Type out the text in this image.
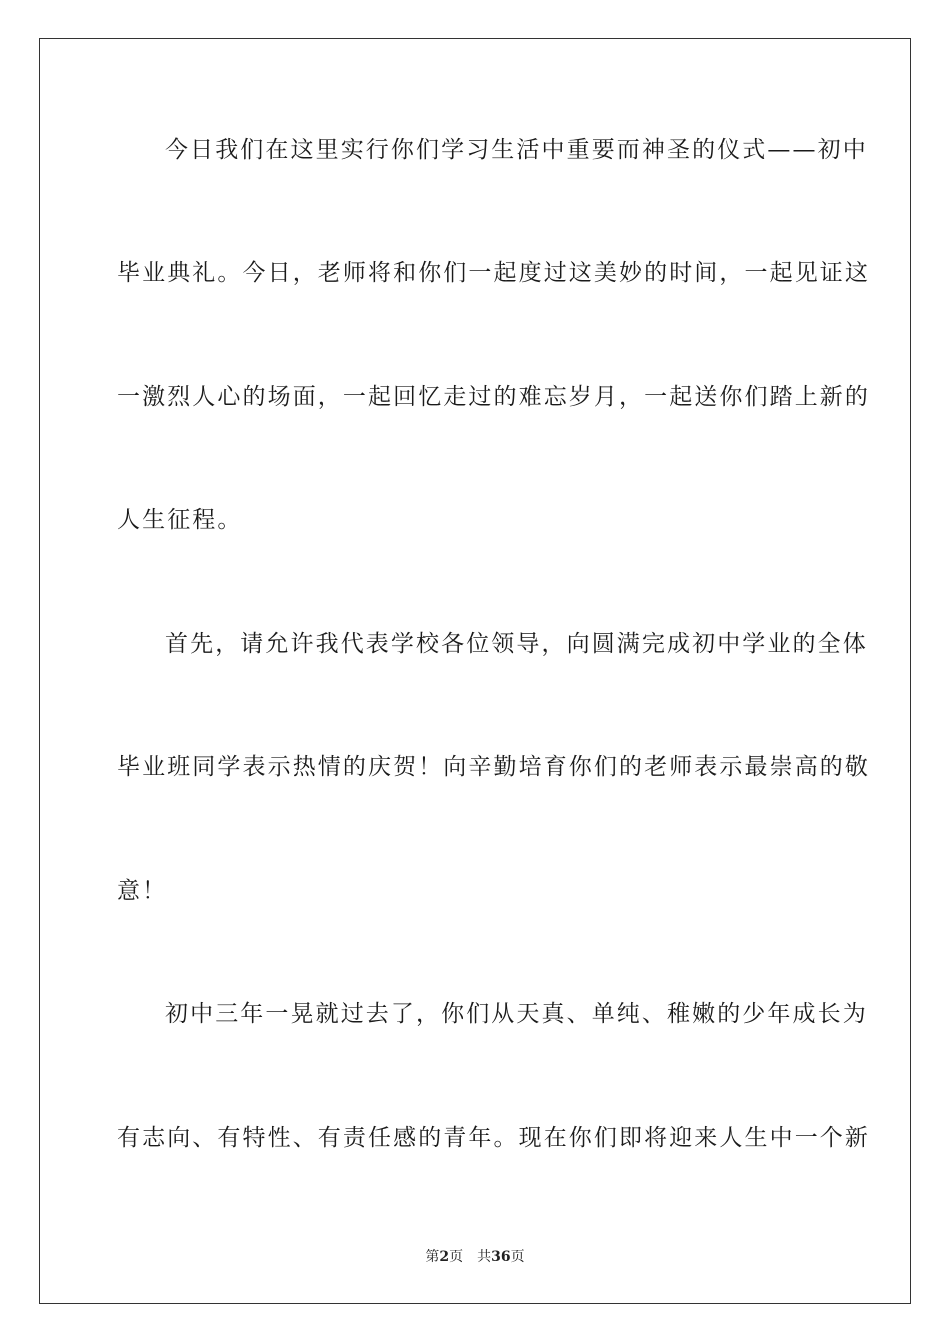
今日我们在这里实行你们学习生活中重要而神圣的仪式——初中
毕业典礼。今日，老师将和你们一起度过这美妙的时间，一起见证这
一激烈人心的场面，一起回忆走过的难忘岁月，一起送你们踏上新的
人生征程。
首先，请允许我代表学校各位领导，向圆满完成初中学业的全体
毕业班同学表示热情的庆贺！向辛勤培育你们的老师表示最崇高的敬
意！
初中三年一晃就过去了，你们从天真、单纯、稚嫩的少年成长为
有志向、有特性、有责任感的青年。现在你们即将迎来人生中一个新
第2页 共36页
